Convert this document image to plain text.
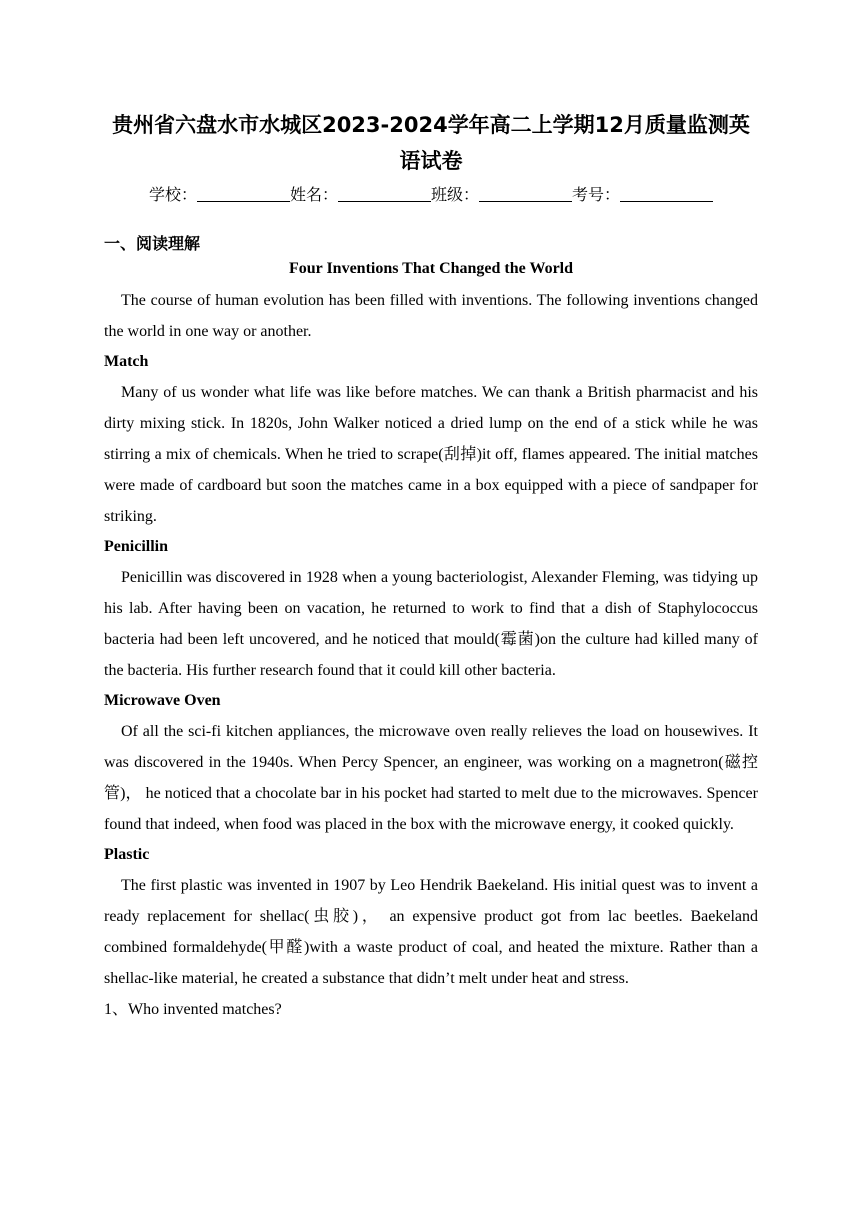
贵州省六盘水市水城区2023-2024学年高二上学期12月质量监测英
语试卷
学校：	姓名：	班级：	考号：
一、阅读理解
Four Inventions That Changed the World

The course of human evolution has been filled with inventions. The following inventions changed the world in one way or another.

Match

Many of us wonder what life was like before matches. We can thank a British pharmacist and his dirty mixing stick. In 1820s, John Walker noticed a dried lump on the end of a stick while he was stirring a mix of chemicals. When he tried to scrape(刮掉)it off, flames appeared. The initial matches were made of cardboard but soon the matches came in a box equipped with a piece of sandpaper for striking.

Penicillin

Penicillin was discovered in 1928 when a young bacteriologist, Alexander Fleming, was tidying up his lab. After having been on vacation, he returned to work to find that a dish of Staphylococcus bacteria had been left uncovered, and he noticed that mould(霉菌)on the culture had killed many of the bacteria. His further research found that it could kill other bacteria.

Microwave Oven

Of all the sci-fi kitchen appliances, the microwave oven really relieves the load on housewives. It was discovered in the 1940s. When Percy Spencer, an engineer, was working on a magnetron(磁控管)， he noticed that a chocolate bar in his pocket had started to melt due to the microwaves. Spencer found that indeed, when food was placed in the box with the microwave energy, it cooked quickly.

Plastic

The first plastic was invented in 1907 by Leo Hendrik Baekeland. His initial quest was to invent a ready replacement for shellac(虫胶)， an expensive product got from lac beetles. Baekeland combined formaldehyde(甲醛)with a waste product of coal, and heated the mixture. Rather than a shellac-like material, he created a substance that didn’t melt under heat and stress.

1、Who invented matches?
